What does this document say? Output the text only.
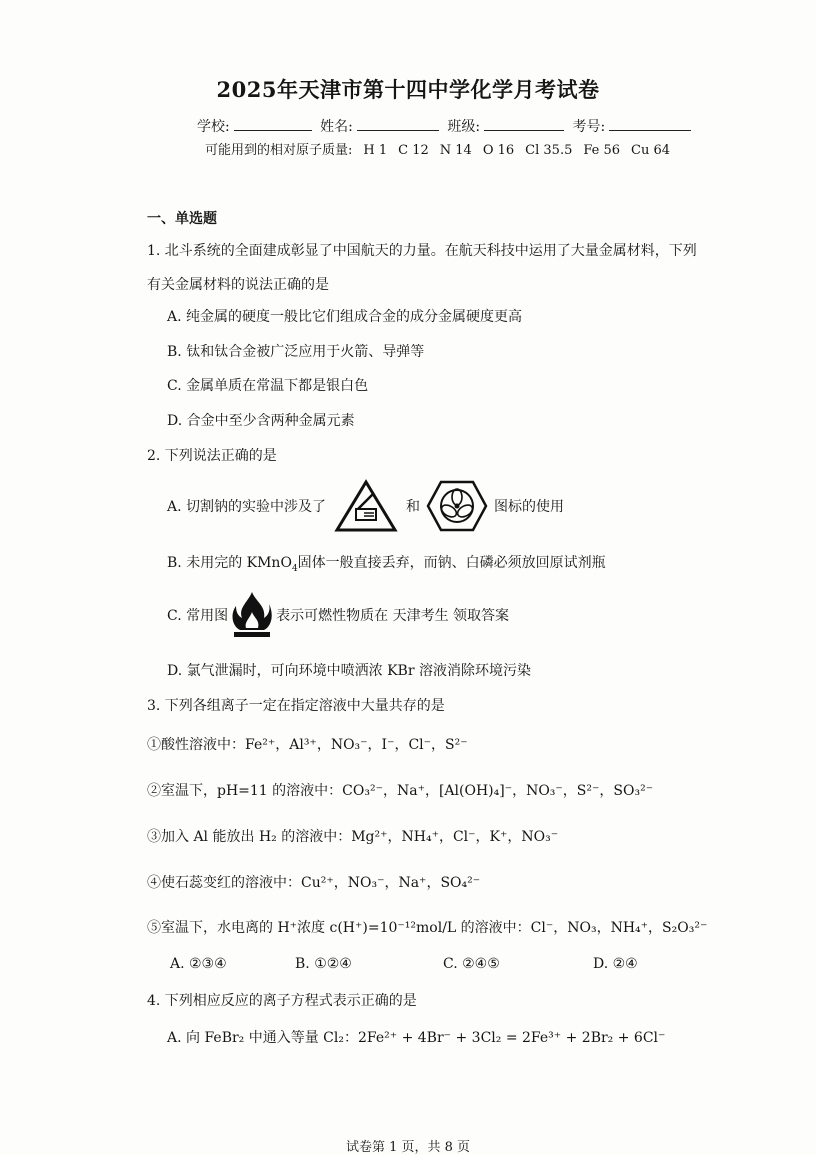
2025年天津市第十四中学化学月考试卷
学校:	姓名:	班级:	考号:
可能用到的相对原子质量: H 1 C 12 N 14 O 16 Cl 35.5 Fe 56 Cu 64
一、单选题
1. 北斗系统的全面建成彰显了中国航天的力量。在航天科技中运用了大量金属材料，下列
有关金属材料的说法正确的是
A. 纯金属的硬度一般比它们组成合金的成分金属硬度更高
B. 钛和钛合金被广泛应用于火箭、导弹等
C. 金属单质在常温下都是银白色
D. 合金中至少含两种金属元素
2. 下列说法正确的是
A. 切割钠的实验中涉及了	和	图标的使用
B. 未用完的 KMnO$_4$固体一般直接丢弃，而钠、白磷必须放回原试剂瓶
C. 常用图	表示可燃性物质在 天津考生 领取答案
D. 氯气泄漏时，可向环境中喷洒浓 KBr 溶液消除环境污染
3. 下列各组离子一定在指定溶液中大量共存的是
①酸性溶液中：Fe²⁺，Al³⁺，NO₃⁻，I⁻，Cl⁻，S²⁻
②室温下，pH=11 的溶液中：CO₃²⁻，Na⁺，[Al(OH)₄]⁻，NO₃⁻，S²⁻，SO₃²⁻
③加入 Al 能放出 H₂ 的溶液中：Mg²⁺，NH₄⁺，Cl⁻，K⁺，NO₃⁻
④使石蕊变红的溶液中：Cu²⁺，NO₃⁻，Na⁺，SO₄²⁻
⑤室温下，水电离的 H⁺浓度 c(H⁺)=10⁻¹²mol/L 的溶液中：Cl⁻，NO₃，NH₄⁺，S₂O₃²⁻
A. ②③④	B. ①②④	C. ②④⑤	D. ②④
4. 下列相应反应的离子方程式表示正确的是
A. 向 FeBr₂ 中通入等量 Cl₂：2Fe²⁺ + 4Br⁻ + 3Cl₂ = 2Fe³⁺ + 2Br₂ + 6Cl⁻
试卷第 1 页，共 8 页
